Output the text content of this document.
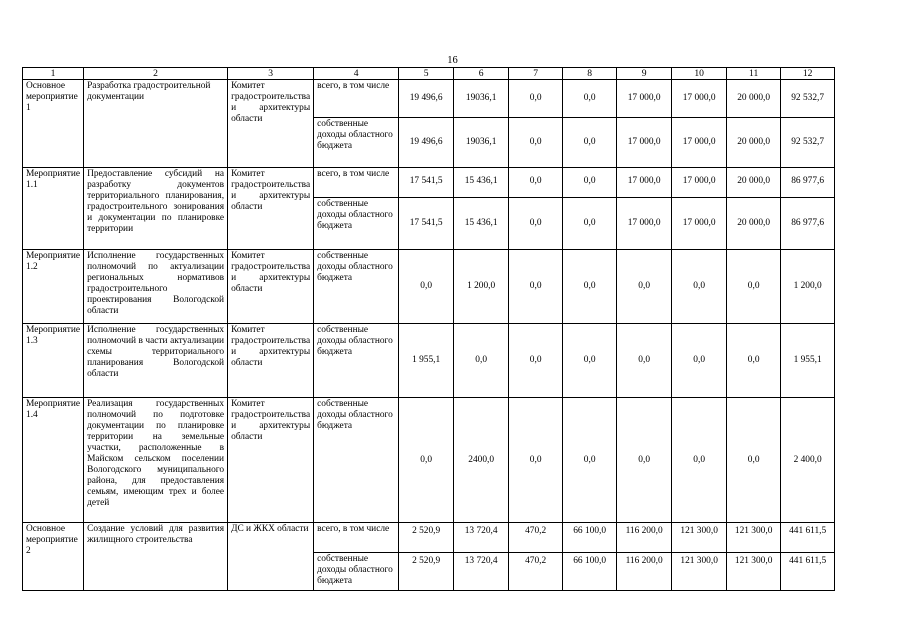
16
1	2	3	4	5	6	7	8	9	10	11	12
Основное мероприятие 1	Разработка градостроительной документации	Комитет градостроительства и архитектуры области	всего, в том числе	19 496,6	19036,1	0,0	0,0	17 000,0	17 000,0	20 000,0	92 532,7
			собственные доходы областного бюджета	19 496,6	19036,1	0,0	0,0	17 000,0	17 000,0	20 000,0	92 532,7
Мероприятие 1.1	Предоставление субсидий на разработку документов территориального планирования, градостроительного зонирования и документации по планировке территории	Комитет градостроительства и архитектуры области	всего, в том числе	17 541,5	15 436,1	0,0	0,0	17 000,0	17 000,0	20 000,0	86 977,6
			собственные доходы областного бюджета	17 541,5	15 436,1	0,0	0,0	17 000,0	17 000,0	20 000,0	86 977,6
Мероприятие 1.2	Исполнение государственных полномочий по актуализации региональных нормативов градостроительного проектирования Вологодской области	Комитет градостроительства и архитектуры области	собственные доходы областного бюджета	0,0	1 200,0	0,0	0,0	0,0	0,0	0,0	1 200,0
Мероприятие 1.3	Исполнение государственных полномочий в части актуализации схемы территориального планирования Вологодской области	Комитет градостроительства и архитектуры области	собственные доходы областного бюджета	1 955,1	0,0	0,0	0,0	0,0	0,0	0,0	1 955,1
Мероприятие 1.4	Реализация государственных полномочий по подготовке документации по планировке территории на земельные участки, расположенные в Майском сельском поселении Вологодского муниципального района, для предоставления семьям, имеющим трех и более детей	Комитет градостроительства и архитектуры области	собственные доходы областного бюджета	0,0	2400,0	0,0	0,0	0,0	0,0	0,0	2 400,0
Основное мероприятие 2	Создание условий для развития жилищного строительства	ДС и ЖКХ области	всего, в том числе	2 520,9	13 720,4	470,2	66 100,0	116 200,0	121 300,0	121 300,0	441 611,5
			собственные доходы областного бюджета	2 520,9	13 720,4	470,2	66 100,0	116 200,0	121 300,0	121 300,0	441 611,5
